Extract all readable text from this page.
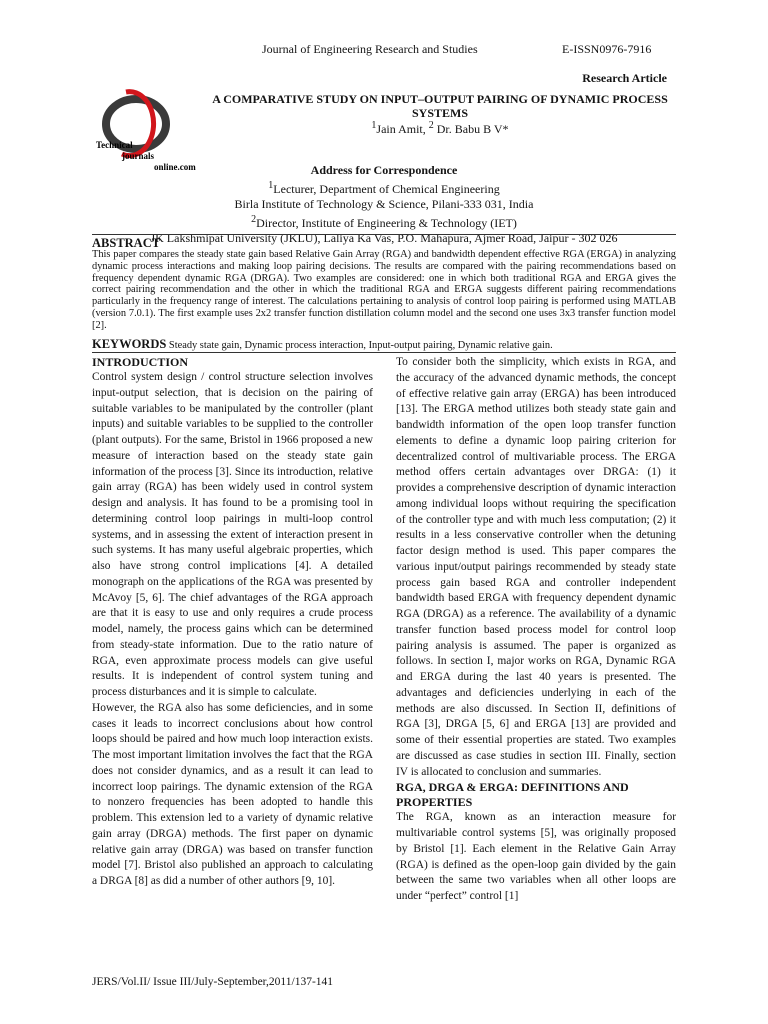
Journal of Engineering Research and Studies	E-ISSN0976-7916
Research Article
Technical
journals
online.com
A COMPARATIVE STUDY ON INPUT–OUTPUT PAIRING OF DYNAMIC PROCESS SYSTEMS
$^1$Jain Amit, $^2$ Dr. Babu B V*
Address for Correspondence
$^1$Lecturer, Department of Chemical Engineering
Birla Institute of Technology & Science, Pilani-333 031, India
$^2$Director, Institute of Engineering & Technology (IET)
JK Lakshmipat University (JKLU), Laliya Ka Vas, P.O. Mahapura, Ajmer Road, Jaipur - 302 026
ABSTRACT
This paper compares the steady state gain based Relative Gain Array (RGA) and bandwidth dependent effective RGA (ERGA) in analyzing dynamic process interactions and making loop pairing decisions. The results are compared with the pairing recommendations based on frequency dependent dynamic RGA (DRGA). Two examples are considered: one in which both traditional RGA and ERGA gives the correct pairing recommendation and the other in which the traditional RGA and ERGA suggests different pairing recommendations particularly in the frequency range of interest. The calculations pertaining to analysis of control loop pairing is performed using MATLAB (version 7.0.1). The first example uses 2x2 transfer function distillation column model and the second one uses 3x3 transfer function model [2].
KEYWORDS Steady state gain, Dynamic process interaction, Input-output pairing, Dynamic relative gain.

INTRODUCTION

Control system design / control structure selection involves input-output selection, that is decision on the pairing of suitable variables to be manipulated by the controller (plant inputs) and suitable variables to be supplied to the controller (plant outputs). For the same, Bristol in 1966 proposed a new measure of interaction based on the steady state gain information of the process [3]. Since its introduction, relative gain array (RGA) has been widely used in control system design and analysis. It has found to be a promising tool in determining control loop pairings in multi-loop control systems, and in assessing the extent of interaction present in such systems. It has many useful algebraic properties, which also have strong control implications [4]. A detailed monograph on the applications of the RGA was presented by McAvoy [5, 6]. The chief advantages of the RGA approach are that it is easy to use and only requires a crude process model, namely, the process gains which can be determined from steady-state information. Due to the ratio nature of RGA, even approximate process models can give useful results. It is independent of control system tuning and process disturbances and it is simple to calculate.

However, the RGA also has some deficiencies, and in some cases it leads to incorrect conclusions about how control loops should be paired and how much loop interaction exists. The most important limitation involves the fact that the RGA does not consider dynamics, and as a result it can lead to incorrect loop pairings. The dynamic extension of the RGA to nonzero frequencies has been adopted to handle this problem. This extension led to a variety of dynamic relative gain array (DRGA) methods. The first paper on dynamic relative gain array (DRGA) was based on transfer function model [7]. Bristol also published an approach to calculating a DRGA [8] as did a number of other authors [9, 10].

To consider both the simplicity, which exists in RGA, and the accuracy of the advanced dynamic methods, the concept of effective relative gain array (ERGA) has been introduced [13]. The ERGA method utilizes both steady state gain and bandwidth information of the open loop transfer function elements to define a dynamic loop pairing criterion for decentralized control of multivariable process. The ERGA method offers certain advantages over DRGA: (1) it provides a comprehensive description of dynamic interaction among individual loops without requiring the specification of the controller type and with much less computation; (2) it results in a less conservative controller when the detuning factor design method is used. This paper compares the various input/output pairings recommended by steady state process gain based RGA and controller independent bandwidth based ERGA with frequency dependent dynamic RGA (DRGA) as a reference. The availability of a dynamic transfer function based process model for control loop pairing analysis is assumed. The paper is organized as follows. In section I, major works on RGA, Dynamic RGA and ERGA during the last 40 years is presented. The advantages and deficiencies underlying in each of the methods are also discussed. In Section II, definitions of RGA [3], DRGA [5, 6] and ERGA [13] are provided and some of their essential properties are stated. Two examples are discussed as case studies in section III. Finally, section IV is allocated to conclusion and summaries.

RGA, DRGA & ERGA: DEFINITIONS AND PROPERTIES

The RGA, known as an interaction measure for multivariable control systems [5], was originally proposed by Bristol [1]. Each element in the Relative Gain Array (RGA) is defined as the open-loop gain divided by the gain between the same two variables when all other loops are under “perfect” control [1]

JERS/Vol.II/ Issue III/July-September,2011/137-141
